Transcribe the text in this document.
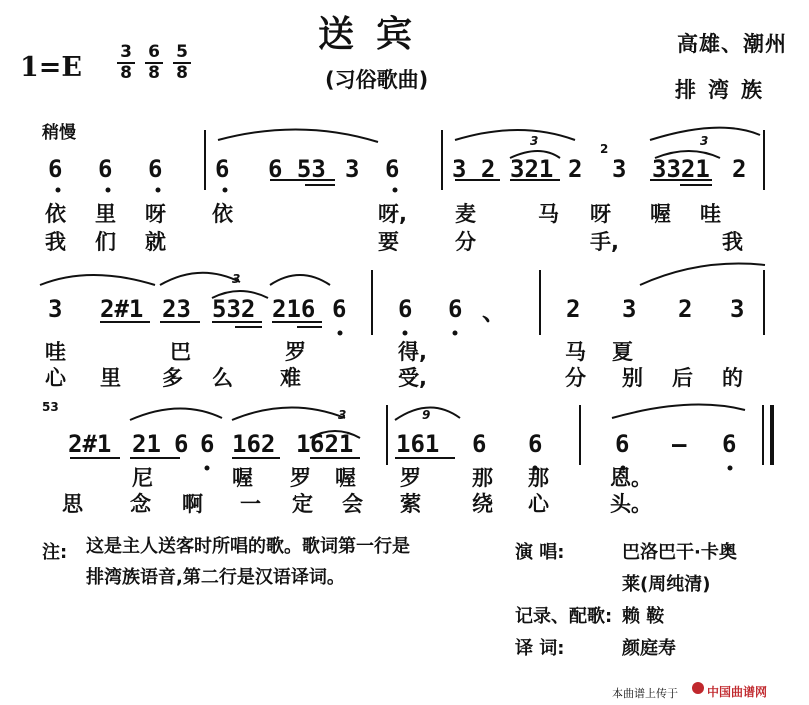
送宾
(习俗歌曲)
1=E 3
8
6
8
5
8
高雄、潮州
排湾族
稍慢
6 6 6 6 6 53 3 6 3 2
3
321 2
2
3
3
3321 2
依 里 呀 依	呀, 麦	马 呀 喔 哇
我 们 就	要	分	手,	我
3 2#1 23
3
532 216 6 6 6 、	2 3 2 3
哇	巴	罗	得,	马 夏
心 里 多 么 难	受,	分 别 后 的
53
2#1 21 6 6 162 1
3
621
9
161 6 6	6 – 6
尼	喔 罗 喔 罗 那 那	恩。
思 念 啊 一 定 会 萦 绕 心	头。
注: 这是主人送客时所唱的歌。歌词第一行是
排湾族语音,第二行是汉语译词。
演 唱:	巴洛巴干·卡奥
莱(周纯清)
记录、配歌: 赖 鞍
译 词:	颜庭寿
本曲谱上传于 中国曲谱网
